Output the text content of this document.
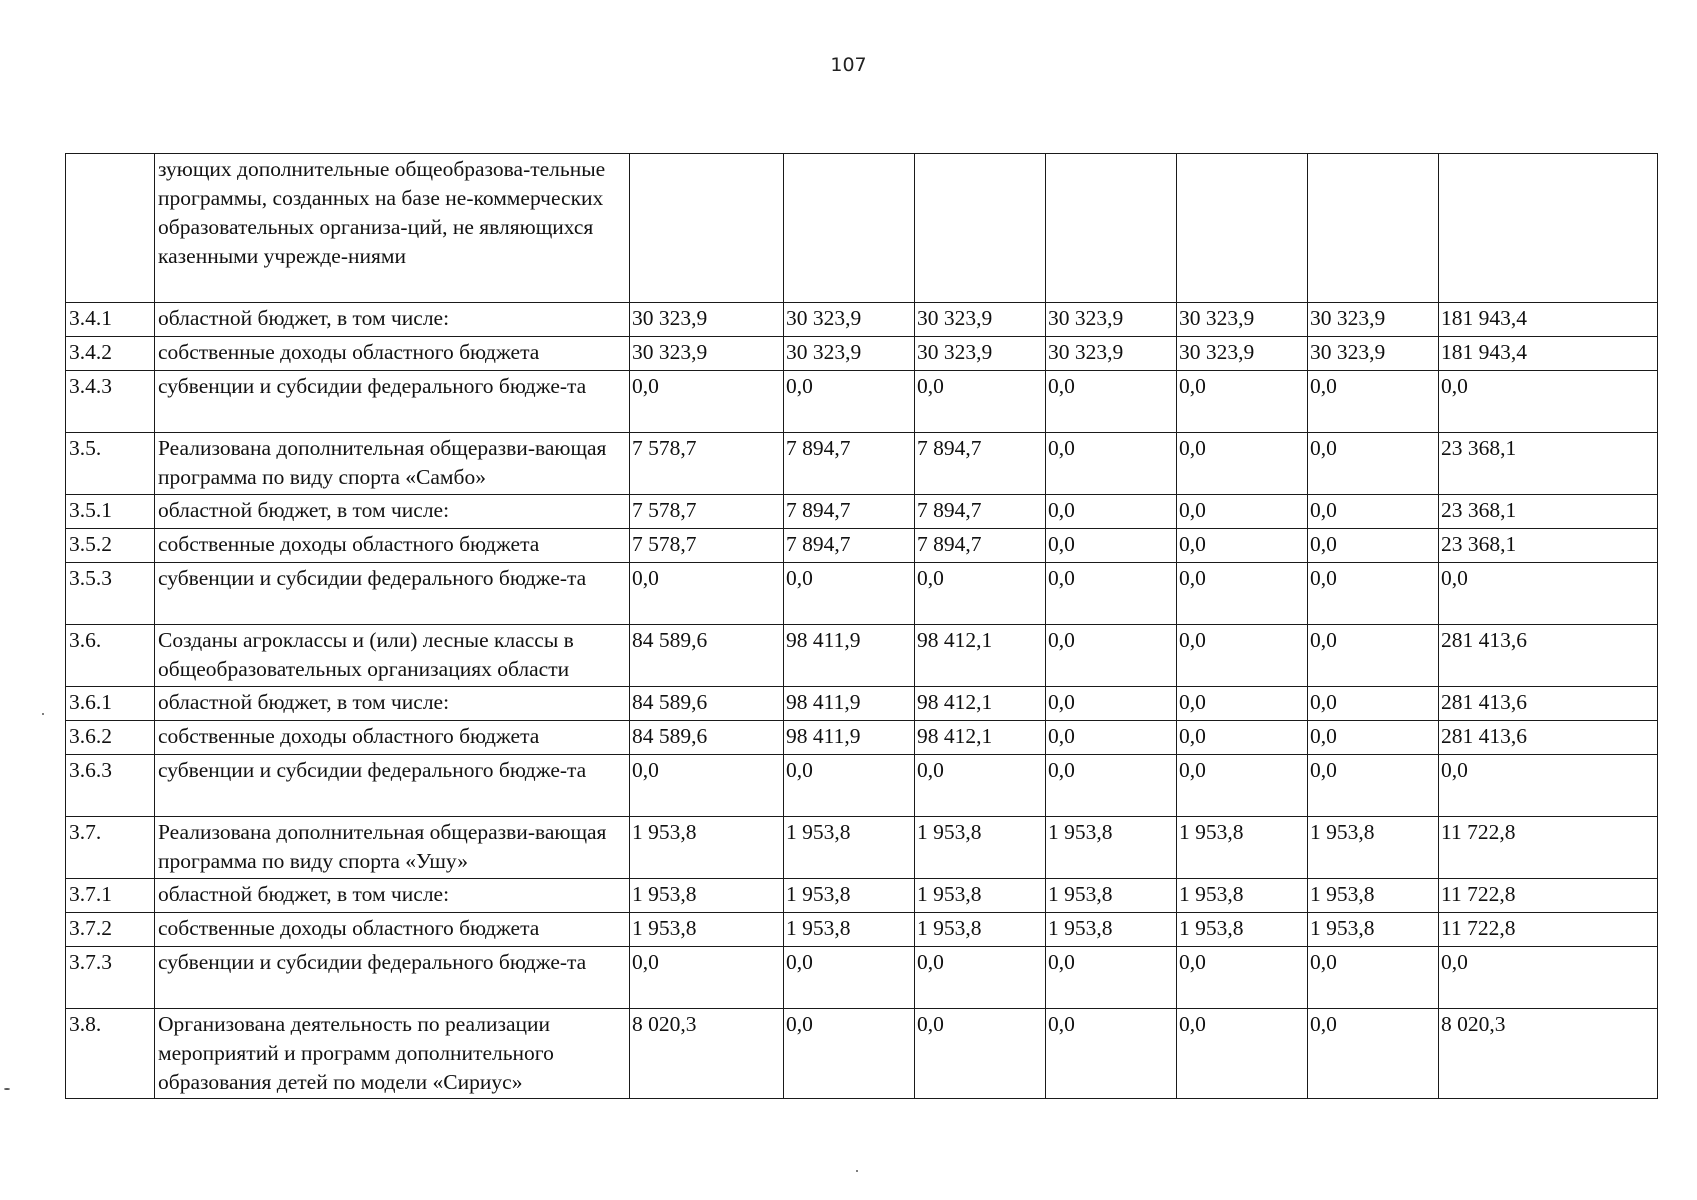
107
	зующих дополнительные общеобразова-тельные программы, созданных на базе не-коммерческих образовательных организа-ций, не являющихся казенными учрежде-ниями							
3.4.1	областной бюджет, в том числе:	30 323,9	30 323,9	30 323,9	30 323,9	30 323,9	30 323,9	181 943,4
3.4.2	собственные доходы областного бюджета	30 323,9	30 323,9	30 323,9	30 323,9	30 323,9	30 323,9	181 943,4
3.4.3	субвенции и субсидии федерального бюдже-та	0,0	0,0	0,0	0,0	0,0	0,0	0,0
3.5.	Реализована дополнительная общеразви-вающая программа по виду спорта «Самбо»	7 578,7	7 894,7	7 894,7	0,0	0,0	0,0	23 368,1
3.5.1	областной бюджет, в том числе:	7 578,7	7 894,7	7 894,7	0,0	0,0	0,0	23 368,1
3.5.2	собственные доходы областного бюджета	7 578,7	7 894,7	7 894,7	0,0	0,0	0,0	23 368,1
3.5.3	субвенции и субсидии федерального бюдже-та	0,0	0,0	0,0	0,0	0,0	0,0	0,0
3.6.	Созданы агроклассы и (или) лесные классы в общеобразовательных организациях области	84 589,6	98 411,9	98 412,1	0,0	0,0	0,0	281 413,6
3.6.1	областной бюджет, в том числе:	84 589,6	98 411,9	98 412,1	0,0	0,0	0,0	281 413,6
3.6.2	собственные доходы областного бюджета	84 589,6	98 411,9	98 412,1	0,0	0,0	0,0	281 413,6
3.6.3	субвенции и субсидии федерального бюдже-та	0,0	0,0	0,0	0,0	0,0	0,0	0,0
3.7.	Реализована дополнительная общеразви-вающая программа по виду спорта «Ушу»	1 953,8	1 953,8	1 953,8	1 953,8	1 953,8	1 953,8	11 722,8
3.7.1	областной бюджет, в том числе:	1 953,8	1 953,8	1 953,8	1 953,8	1 953,8	1 953,8	11 722,8
3.7.2	собственные доходы областного бюджета	1 953,8	1 953,8	1 953,8	1 953,8	1 953,8	1 953,8	11 722,8
3.7.3	субвенции и субсидии федерального бюдже-та	0,0	0,0	0,0	0,0	0,0	0,0	0,0
3.8.	Организована деятельность по реализации мероприятий и программ дополнительного образования детей по модели «Сириус»	8 020,3	0,0	0,0	0,0	0,0	0,0	8 020,3
